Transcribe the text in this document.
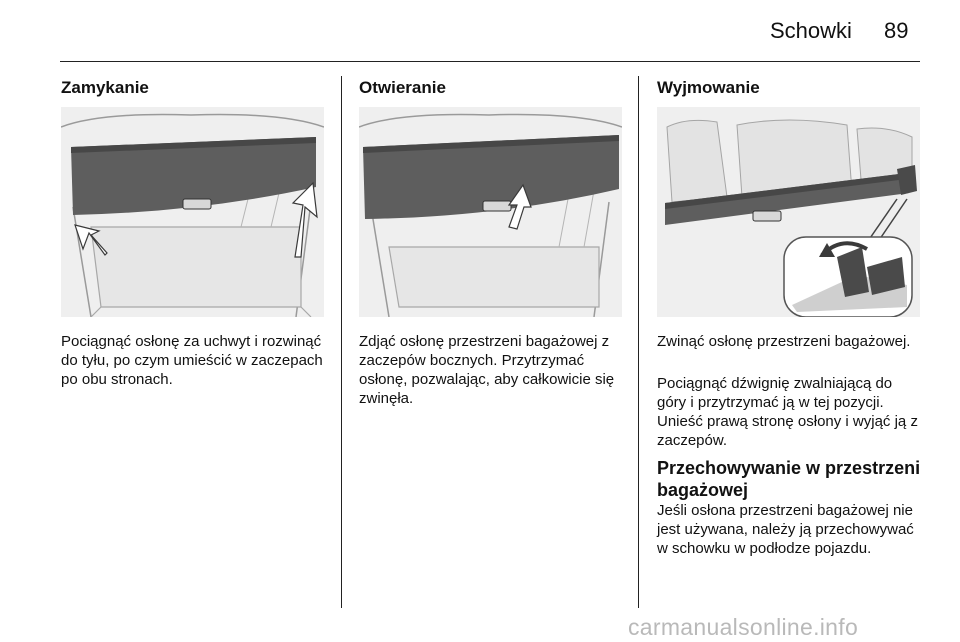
Schowki 89
Zamykanie

Pociągnąć osłonę za uchwyt i rozwinąć do tyłu, po czym umieścić w zaczepach po obu stronach.

Otwieranie

Zdjąć osłonę przestrzeni bagażowej z zaczepów bocznych. Przytrzymać osłonę, pozwalając, aby całkowicie się zwinęła.

Wyjmowanie

Zwinąć osłonę przestrzeni bagażowej.

Pociągnąć dźwignię zwalniającą do góry i przytrzymać ją w tej pozycji. Unieść prawą stronę osłony i wyjąć ją z zaczepów.

Przechowywanie w przestrzeni bagażowej

Jeśli osłona przestrzeni bagażowej nie jest używana, należy ją przechowywać w schowku w podłodze pojazdu.

carmanualsonline.info
